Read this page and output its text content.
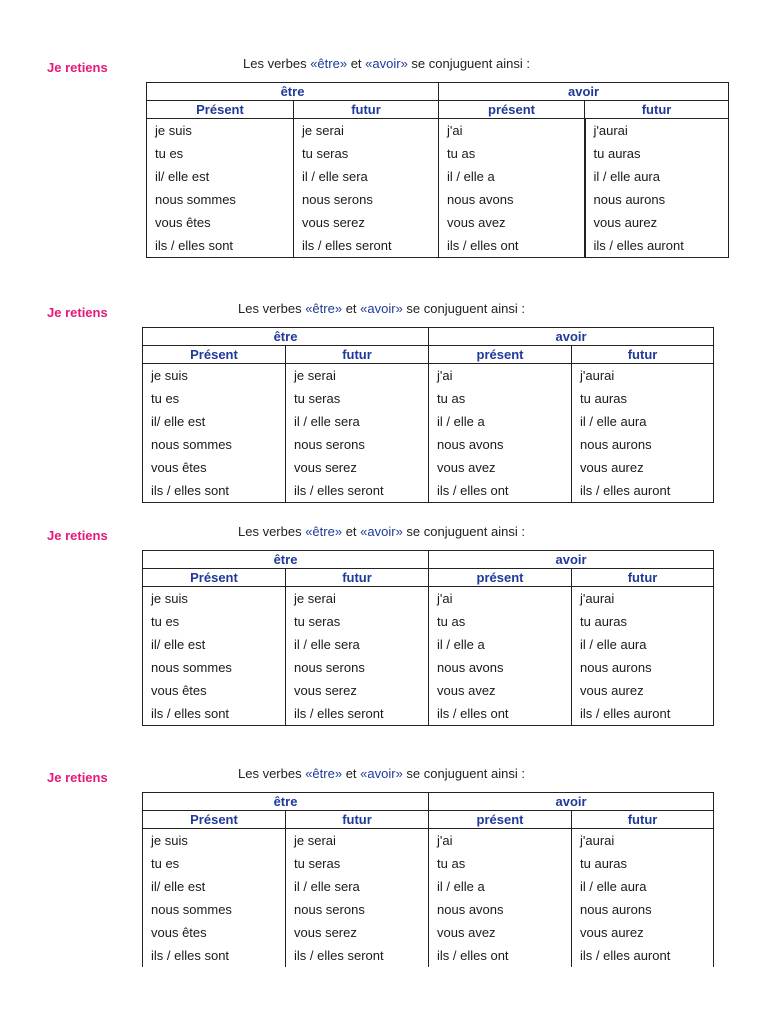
Je retiens	Les verbes «être» et «avoir» se conjuguent ainsi :
être		avoir	
Présent	futur	présent	futur
je suis	je serai	j'ai	j'aurai
tu es	tu seras	tu as	tu auras
il/ elle est	il / elle sera	il / elle a	il / elle aura
nous sommes	nous serons	nous avons	nous aurons
vous êtes	vous serez	vous avez	vous aurez
ils / elles sont	ils / elles seront	ils / elles ont	ils / elles auront
Je retiens	Les verbes «être» et «avoir» se conjuguent ainsi :
être		avoir	
Présent	futur	présent	futur
je suis	je serai	j'ai	j'aurai
tu es	tu seras	tu as	tu auras
il/ elle est	il / elle sera	il / elle a	il / elle aura
nous sommes	nous serons	nous avons	nous aurons
vous êtes	vous serez	vous avez	vous aurez
ils / elles sont	ils / elles seront	ils / elles ont	ils / elles auront
Je retiens	Les verbes «être» et «avoir» se conjuguent ainsi :
être		avoir	
Présent	futur	présent	futur
je suis	je serai	j'ai	j'aurai
tu es	tu seras	tu as	tu auras
il/ elle est	il / elle sera	il / elle a	il / elle aura
nous sommes	nous serons	nous avons	nous aurons
vous êtes	vous serez	vous avez	vous aurez
ils / elles sont	ils / elles seront	ils / elles ont	ils / elles auront
Je retiens	Les verbes «être» et «avoir» se conjuguent ainsi :
être		avoir	
Présent	futur	présent	futur
je suis	je serai	j'ai	j'aurai
tu es	tu seras	tu as	tu auras
il/ elle est	il / elle sera	il / elle a	il / elle aura
nous sommes	nous serons	nous avons	nous aurons
vous êtes	vous serez	vous avez	vous aurez
ils / elles sont	ils / elles seront	ils / elles ont	ils / elles auront
